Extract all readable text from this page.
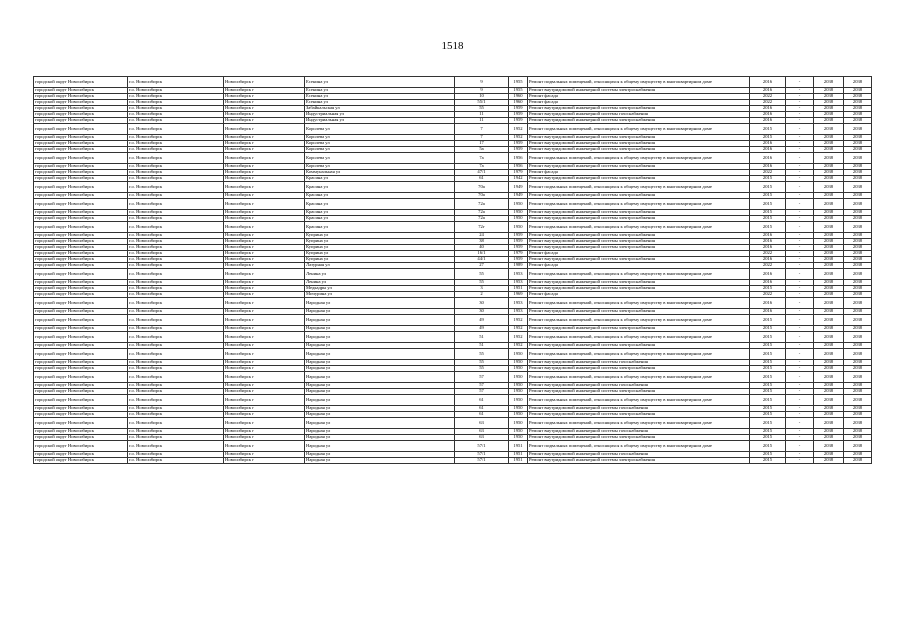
1518
городской округ Новосибирск	г.о. Новосибирск	Новосибирск г	Есенина ул	9	1955	Ремонт подвальных помещений, относящихся к общему имуществу в многоквартирном доме	2016	-	2038	2038
городской округ Новосибирск	г.о. Новосибирск	Новосибирск г	Есенина ул	9	1955	Ремонт внутридомовой инженерной системы электроснабжения	2016	-	2038	2038
городской округ Новосибирск	г.о. Новосибирск	Новосибирск г	Есенина ул	10	1960	Ремонт фасада	2022	-	2038	2038
городской округ Новосибирск	г.о. Новосибирск	Новосибирск г	Есенина ул	55/1	1960	Ремонт фасада	2022	-	2038	2038
городской округ Новосибирск	г.о. Новосибирск	Новосибирск г	Забайкальская ул	55	1959	Ремонт внутридомовой инженерной системы электроснабжения	2016	-	2038	2038
городской округ Новосибирск	г.о. Новосибирск	Новосибирск г	Индустриальная ул	11	1959	Ремонт внутридомовой инженерной системы газоснабжения	2016	-	2038	2038
городской округ Новосибирск	г.о. Новосибирск	Новосибирск г	Индустриальная ул	11	1959	Ремонт внутридомовой инженерной системы электроснабжения	2016	-	2038	2038
городской округ Новосибирск	г.о. Новосибирск	Новосибирск г	Королева ул	7	1952	Ремонт подвальных помещений, относящихся к общему имуществу в многоквартирном доме	2015	-	2038	2038
городской округ Новосибирск	г.о. Новосибирск	Новосибирск г	Королева ул	7	1952	Ремонт внутридомовой инженерной системы электроснабжения	2015	-	2038	2038
городской округ Новосибирск	г.о. Новосибирск	Новосибирск г	Королева ул	17	1959	Ремонт внутридомовой инженерной системы электроснабжения	2016	-	2038	2038
городской округ Новосибирск	г.о. Новосибирск	Новосибирск г	Королева ул	5а	1959	Ремонт внутридомовой инженерной системы электроснабжения	2016	-	2038	2038
городской округ Новосибирск	г.о. Новосибирск	Новосибирск г	Королева ул	7а	1956	Ремонт подвальных помещений, относящихся к общему имуществу в многоквартирном доме	2016	-	2038	2038
городской округ Новосибирск	г.о. Новосибирск	Новосибирск г	Королева ул	7а	1956	Ремонт внутридомовой инженерной системы электроснабжения	2016	-	2038	2038
городской округ Новосибирск	г.о. Новосибирск	Новосибирск г	Коммунальная ул	47/1	1979	Ремонт фасада	2022	-	2038	2038
городской округ Новосибирск	г.о. Новосибирск	Новосибирск г	Красина ул	61	1942	Ремонт внутридомовой инженерной системы электроснабжения	2015	-	2038	2038
городской округ Новосибирск	г.о. Новосибирск	Новосибирск г	Красина ул	70а	1949	Ремонт подвальных помещений, относящихся к общему имуществу в многоквартирном доме	2015	-	2038	2038
городской округ Новосибирск	г.о. Новосибирск	Новосибирск г	Красина ул	70а	1949	Ремонт внутридомовой инженерной системы электроснабжения	2015	-	2038	2038
городской округ Новосибирск	г.о. Новосибирск	Новосибирск г	Красина ул	72а	1950	Ремонт подвальных помещений, относящихся к общему имуществу в многоквартирном доме	2015	-	2038	2038
городской округ Новосибирск	г.о. Новосибирск	Новосибирск г	Красина ул	72а	1950	Ремонт внутридомовой инженерной системы электроснабжения	2015	-	2038	2038
городской округ Новосибирск	г.о. Новосибирск	Новосибирск г	Красина ул	72а	1950	Ремонт внутридомовой инженерной системы электроснабжения	2015	-	2038	2038
городской округ Новосибирск	г.о. Новосибирск	Новосибирск г	Красина ул	72г	1950	Ремонт подвальных помещений, относящихся к общему имуществу в многоквартирном доме	2015	-	2038	2038
городской округ Новосибирск	г.о. Новосибирск	Новосибирск г	Куприна ул	24	1959	Ремонт внутридомовой инженерной системы электроснабжения	2016	-	2038	2038
городской округ Новосибирск	г.о. Новосибирск	Новосибирск г	Куприна ул	38	1959	Ремонт внутридомовой инженерной системы электроснабжения	2016	-	2038	2038
городской округ Новосибирск	г.о. Новосибирск	Новосибирск г	Куприна ул	40	1959	Ремонт внутридомовой инженерной системы электроснабжения	2016	-	2038	2038
городской округ Новосибирск	г.о. Новосибирск	Новосибирск г	Куприна ул	16/1	1979	Ремонт фасада	2022	-	2038	2038
городской округ Новосибирск	г.о. Новосибирск	Новосибирск г	Куприна ул	44/1	1959	Ремонт внутридомовой инженерной системы электроснабжения	2016	-	2038	2038
городской округ Новосибирск	г.о. Новосибирск	Новосибирск г	Лазурная ул	27	1989	Ремонт фасада	2022	-	2038	2038
городской округ Новосибирск	г.о. Новосибирск	Новосибирск г	Ленина ул	55	1953	Ремонт подвальных помещений, относящихся к общему имуществу в многоквартирном доме	2016	-	2038	2038
городской округ Новосибирск	г.о. Новосибирск	Новосибирск г	Ленина ул	55	1953	Ремонт внутридомовой инженерной системы электроснабжения	2016	-	2038	2038
городской округ Новосибирск	г.о. Новосибирск	Новосибирск г	Медкадры ул	3	1951	Ремонт внутридомовой инженерной системы электроснабжения	2015	-	2038	2038
городской округ Новосибирск	г.о. Новосибирск	Новосибирск г	Мичурина ул	2	1969	Ремонт фасада	2022	-	2038	2038
городской округ Новосибирск	г.о. Новосибирск	Новосибирск г	Народная ул	30	1953	Ремонт подвальных помещений, относящихся к общему имуществу в многоквартирном доме	2016	-	2038	2038
городской округ Новосибирск	г.о. Новосибирск	Новосибирск г	Народная ул	30	1953	Ремонт внутридомовой инженерной системы электроснабжения	2016	-	2038	2038
городской округ Новосибирск	г.о. Новосибирск	Новосибирск г	Народная ул	49	1952	Ремонт подвальных помещений, относящихся к общему имуществу в многоквартирном доме	2015	-	2038	2038
городской округ Новосибирск	г.о. Новосибирск	Новосибирск г	Народная ул	49	1952	Ремонт внутридомовой инженерной системы электроснабжения	2015	-	2038	2038
городской округ Новосибирск	г.о. Новосибирск	Новосибирск г	Народная ул	51	1952	Ремонт подвальных помещений, относящихся к общему имуществу в многоквартирном доме	2015	-	2038	2038
городской округ Новосибирск	г.о. Новосибирск	Новосибирск г	Народная ул	51	1952	Ремонт внутридомовой инженерной системы электроснабжения	2015	-	2038	2038
городской округ Новосибирск	г.о. Новосибирск	Новосибирск г	Народная ул	55	1950	Ремонт подвальных помещений, относящихся к общему имуществу в многоквартирном доме	2015	-	2038	2038
городской округ Новосибирск	г.о. Новосибирск	Новосибирск г	Народная ул	55	1950	Ремонт внутридомовой инженерной системы газоснабжения	2015	-	2038	2038
городской округ Новосибирск	г.о. Новосибирск	Новосибирск г	Народная ул	55	1950	Ремонт внутридомовой инженерной системы электроснабжения	2015	-	2038	2038
городской округ Новосибирск	г.о. Новосибирск	Новосибирск г	Народная ул	57	1950	Ремонт подвальных помещений, относящихся к общему имуществу в многоквартирном доме	2015	-	2038	2038
городской округ Новосибирск	г.о. Новосибирск	Новосибирск г	Народная ул	57	1950	Ремонт внутридомовой инженерной системы газоснабжения	2015	-	2038	2038
городской округ Новосибирск	г.о. Новосибирск	Новосибирск г	Народная ул	57	1950	Ремонт внутридомовой инженерной системы электроснабжения	2015	-	2038	2038
городской округ Новосибирск	г.о. Новосибирск	Новосибирск г	Народная ул	61	1950	Ремонт подвальных помещений, относящихся к общему имуществу в многоквартирном доме	2015	-	2038	2038
городской округ Новосибирск	г.о. Новосибирск	Новосибирск г	Народная ул	61	1950	Ремонт внутридомовой инженерной системы газоснабжения	2015	-	2038	2038
городской округ Новосибирск	г.о. Новосибирск	Новосибирск г	Народная ул	61	1950	Ремонт внутридомовой инженерной системы электроснабжения	2015	-	2038	2038
городской округ Новосибирск	г.о. Новосибирск	Новосибирск г	Народная ул	63	1950	Ремонт подвальных помещений, относящихся к общему имуществу в многоквартирном доме	2015	-	2038	2038
городской округ Новосибирск	г.о. Новосибирск	Новосибирск г	Народная ул	63	1950	Ремонт внутридомовой инженерной системы газоснабжения	2015	-	2038	2038
городской округ Новосибирск	г.о. Новосибирск	Новосибирск г	Народная ул	63	1950	Ремонт внутридомовой инженерной системы электроснабжения	2015	-	2038	2038
городской округ Новосибирск	г.о. Новосибирск	Новосибирск г	Народная ул	57/1	1951	Ремонт подвальных помещений, относящихся к общему имуществу в многоквартирном доме	2015	-	2038	2038
городской округ Новосибирск	г.о. Новосибирск	Новосибирск г	Народная ул	57/1	1951	Ремонт внутридомовой инженерной системы газоснабжения	2015	-	2038	2038
городской округ Новосибирск	г.о. Новосибирск	Новосибирск г	Народная ул	57/1	1951	Ремонт внутридомовой инженерной системы электроснабжения	2015	-	2038	2038
